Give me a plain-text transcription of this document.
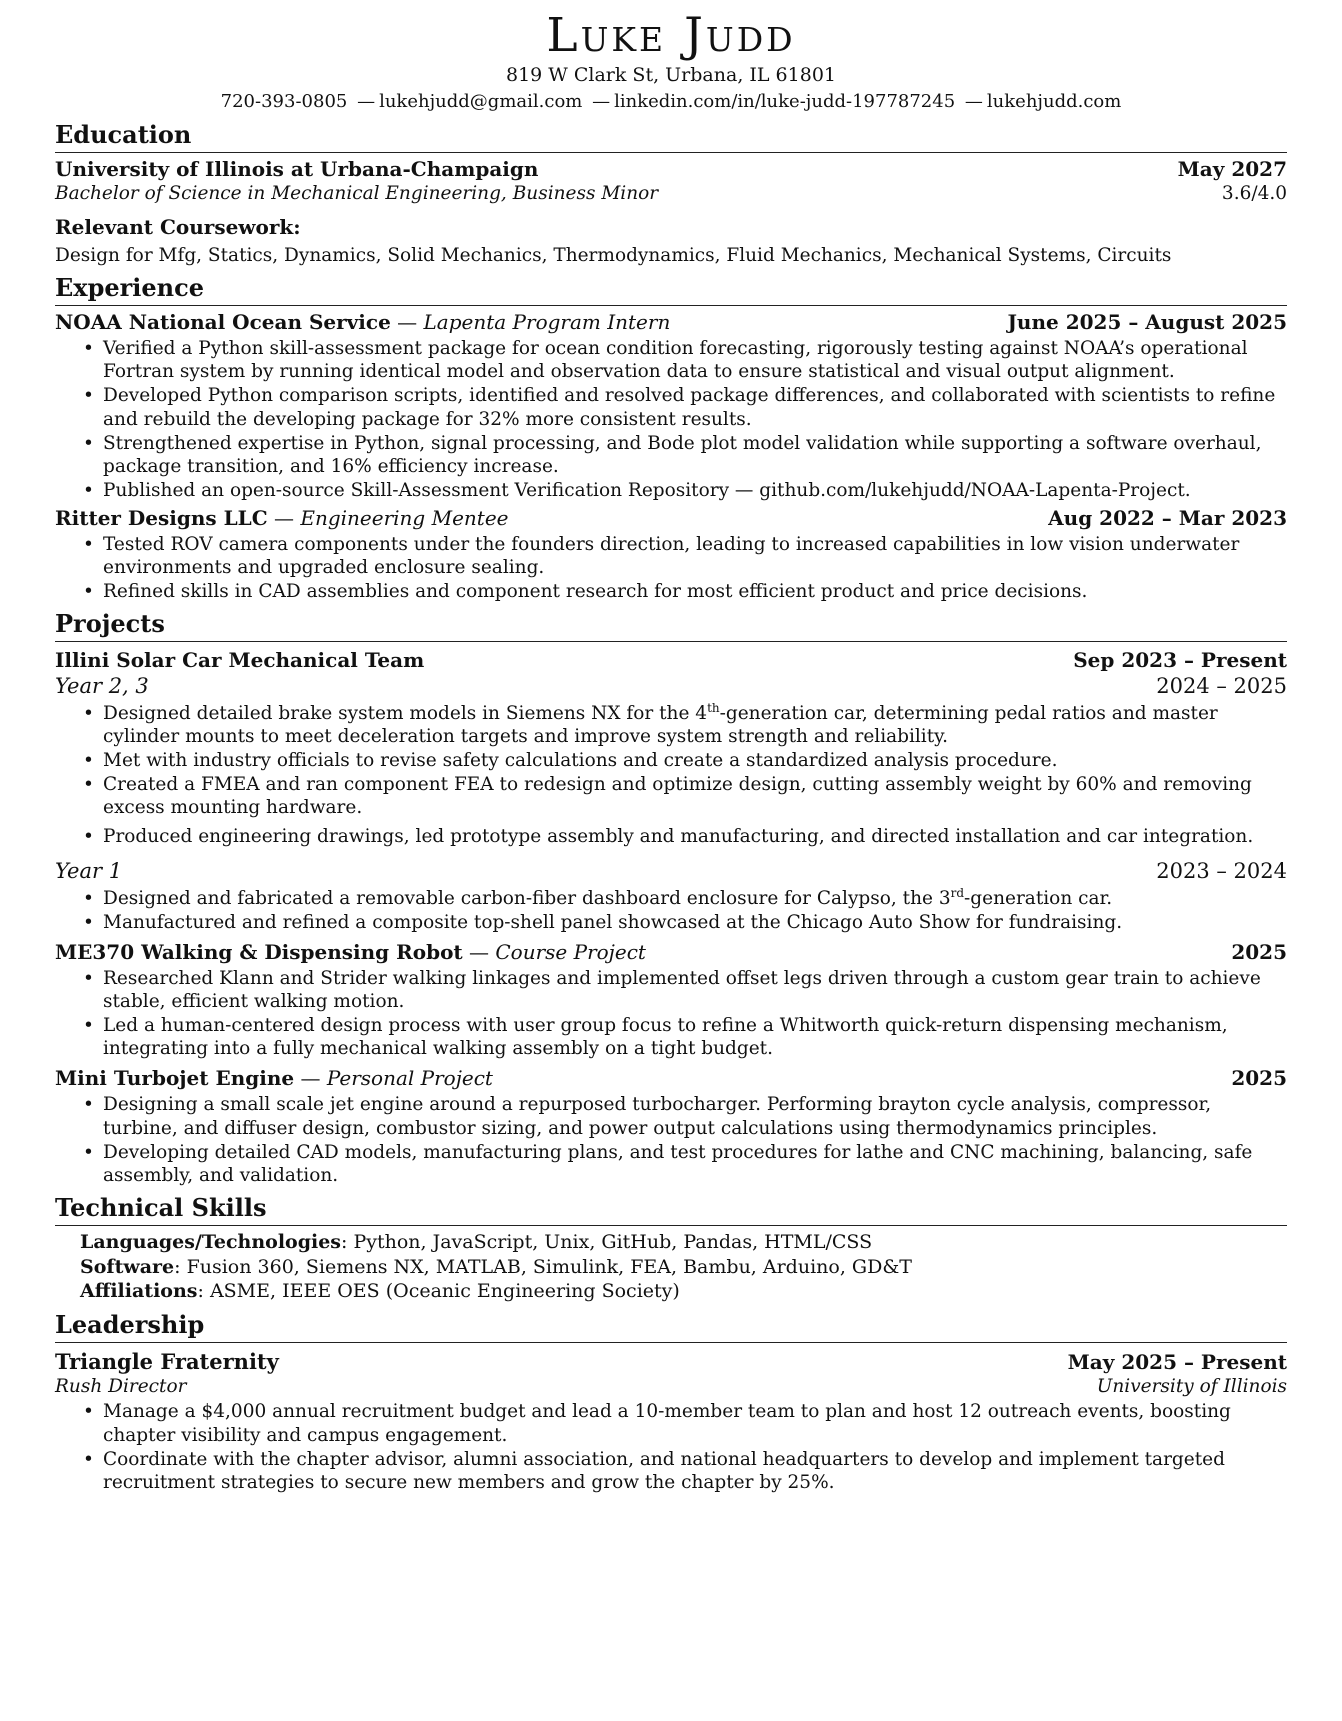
Luke Judd
819 W Clark St, Urbana, IL 61801
720-393-0805 — lukehjudd@gmail.com — linkedin.com/in/luke-judd-197787245 — lukehjudd.com
Education
University of Illinois at Urbana-Champaign	May 2027
Bachelor of Science in Mechanical Engineering, Business Minor	3.6/4.0
Relevant Coursework:
Design for Mfg, Statics, Dynamics, Solid Mechanics, Thermodynamics, Fluid Mechanics, Mechanical Systems, Circuits
Experience
NOAA National Ocean Service — Lapenta Program Intern	June 2025 – August 2025
• Verified a Python skill-assessment package for ocean condition forecasting, rigorously testing against NOAA’s operational Fortran system by running identical model and observation data to ensure statistical and visual output alignment.
• Developed Python comparison scripts, identified and resolved package differences, and collaborated with scientists to refine and rebuild the developing package for 32% more consistent results.
• Strengthened expertise in Python, signal processing, and Bode plot model validation while supporting a software overhaul, package transition, and 16% efficiency increase.
• Published an open-source Skill-Assessment Verification Repository — github.com/lukehjudd/NOAA-Lapenta-Project.
Ritter Designs LLC — Engineering Mentee	Aug 2022 – Mar 2023
• Tested ROV camera components under the founders direction, leading to increased capabilities in low vision underwater environments and upgraded enclosure sealing.
• Refined skills in CAD assemblies and component research for most efficient product and price decisions.
Projects
Illini Solar Car Mechanical Team	Sep 2023 – Present
Year 2, 3	2024 – 2025
• Designed detailed brake system models in Siemens NX for the 4th-generation car, determining pedal ratios and master cylinder mounts to meet deceleration targets and improve system strength and reliability.
• Met with industry officials to revise safety calculations and create a standardized analysis procedure.
• Created a FMEA and ran component FEA to redesign and optimize design, cutting assembly weight by 60% and removing excess mounting hardware.
• Produced engineering drawings, led prototype assembly and manufacturing, and directed installation and car integration.
Year 1	2023 – 2024
• Designed and fabricated a removable carbon-fiber dashboard enclosure for Calypso, the 3rd-generation car.
• Manufactured and refined a composite top-shell panel showcased at the Chicago Auto Show for fundraising.
ME370 Walking & Dispensing Robot — Course Project	2025
• Researched Klann and Strider walking linkages and implemented offset legs driven through a custom gear train to achieve stable, efficient walking motion.
• Led a human-centered design process with user group focus to refine a Whitworth quick-return dispensing mechanism, integrating into a fully mechanical walking assembly on a tight budget.
Mini Turbojet Engine — Personal Project	2025
• Designing a small scale jet engine around a repurposed turbocharger. Performing brayton cycle analysis, compressor, turbine, and diffuser design, combustor sizing, and power output calculations using thermodynamics principles.
• Developing detailed CAD models, manufacturing plans, and test procedures for lathe and CNC machining, balancing, safe assembly, and validation.
Technical Skills
Languages/Technologies: Python, JavaScript, Unix, GitHub, Pandas, HTML/CSS
Software: Fusion 360, Siemens NX, MATLAB, Simulink, FEA, Bambu, Arduino, GD&T
Affiliations: ASME, IEEE OES (Oceanic Engineering Society)
Leadership
Triangle Fraternity	May 2025 – Present
Rush Director	University of Illinois
• Manage a $4,000 annual recruitment budget and lead a 10-member team to plan and host 12 outreach events, boosting chapter visibility and campus engagement.
• Coordinate with the chapter advisor, alumni association, and national headquarters to develop and implement targeted recruitment strategies to secure new members and grow the chapter by 25%.
